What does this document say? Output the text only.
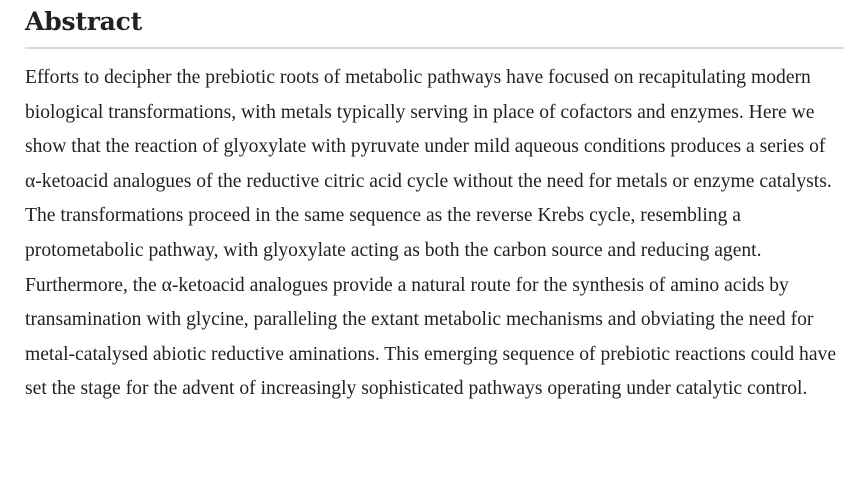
Abstract

Efforts to decipher the prebiotic roots of metabolic pathways have focused on recapitulating modern biological transformations, with metals typically serving in place of cofactors and enzymes. Here we show that the reaction of glyoxylate with pyruvate under mild aqueous conditions produces a series of α-ketoacid analogues of the reductive citric acid cycle without the need for metals or enzyme catalysts. The transformations proceed in the same sequence as the reverse Krebs cycle, resembling a protometabolic pathway, with glyoxylate acting as both the carbon source and reducing agent. Furthermore, the α-ketoacid analogues provide a natural route for the synthesis of amino acids by transamination with glycine, paralleling the extant metabolic mechanisms and obviating the need for metal-catalysed abiotic reductive aminations. This emerging sequence of prebiotic reactions could have set the stage for the advent of increasingly sophisticated pathways operating under catalytic control.
